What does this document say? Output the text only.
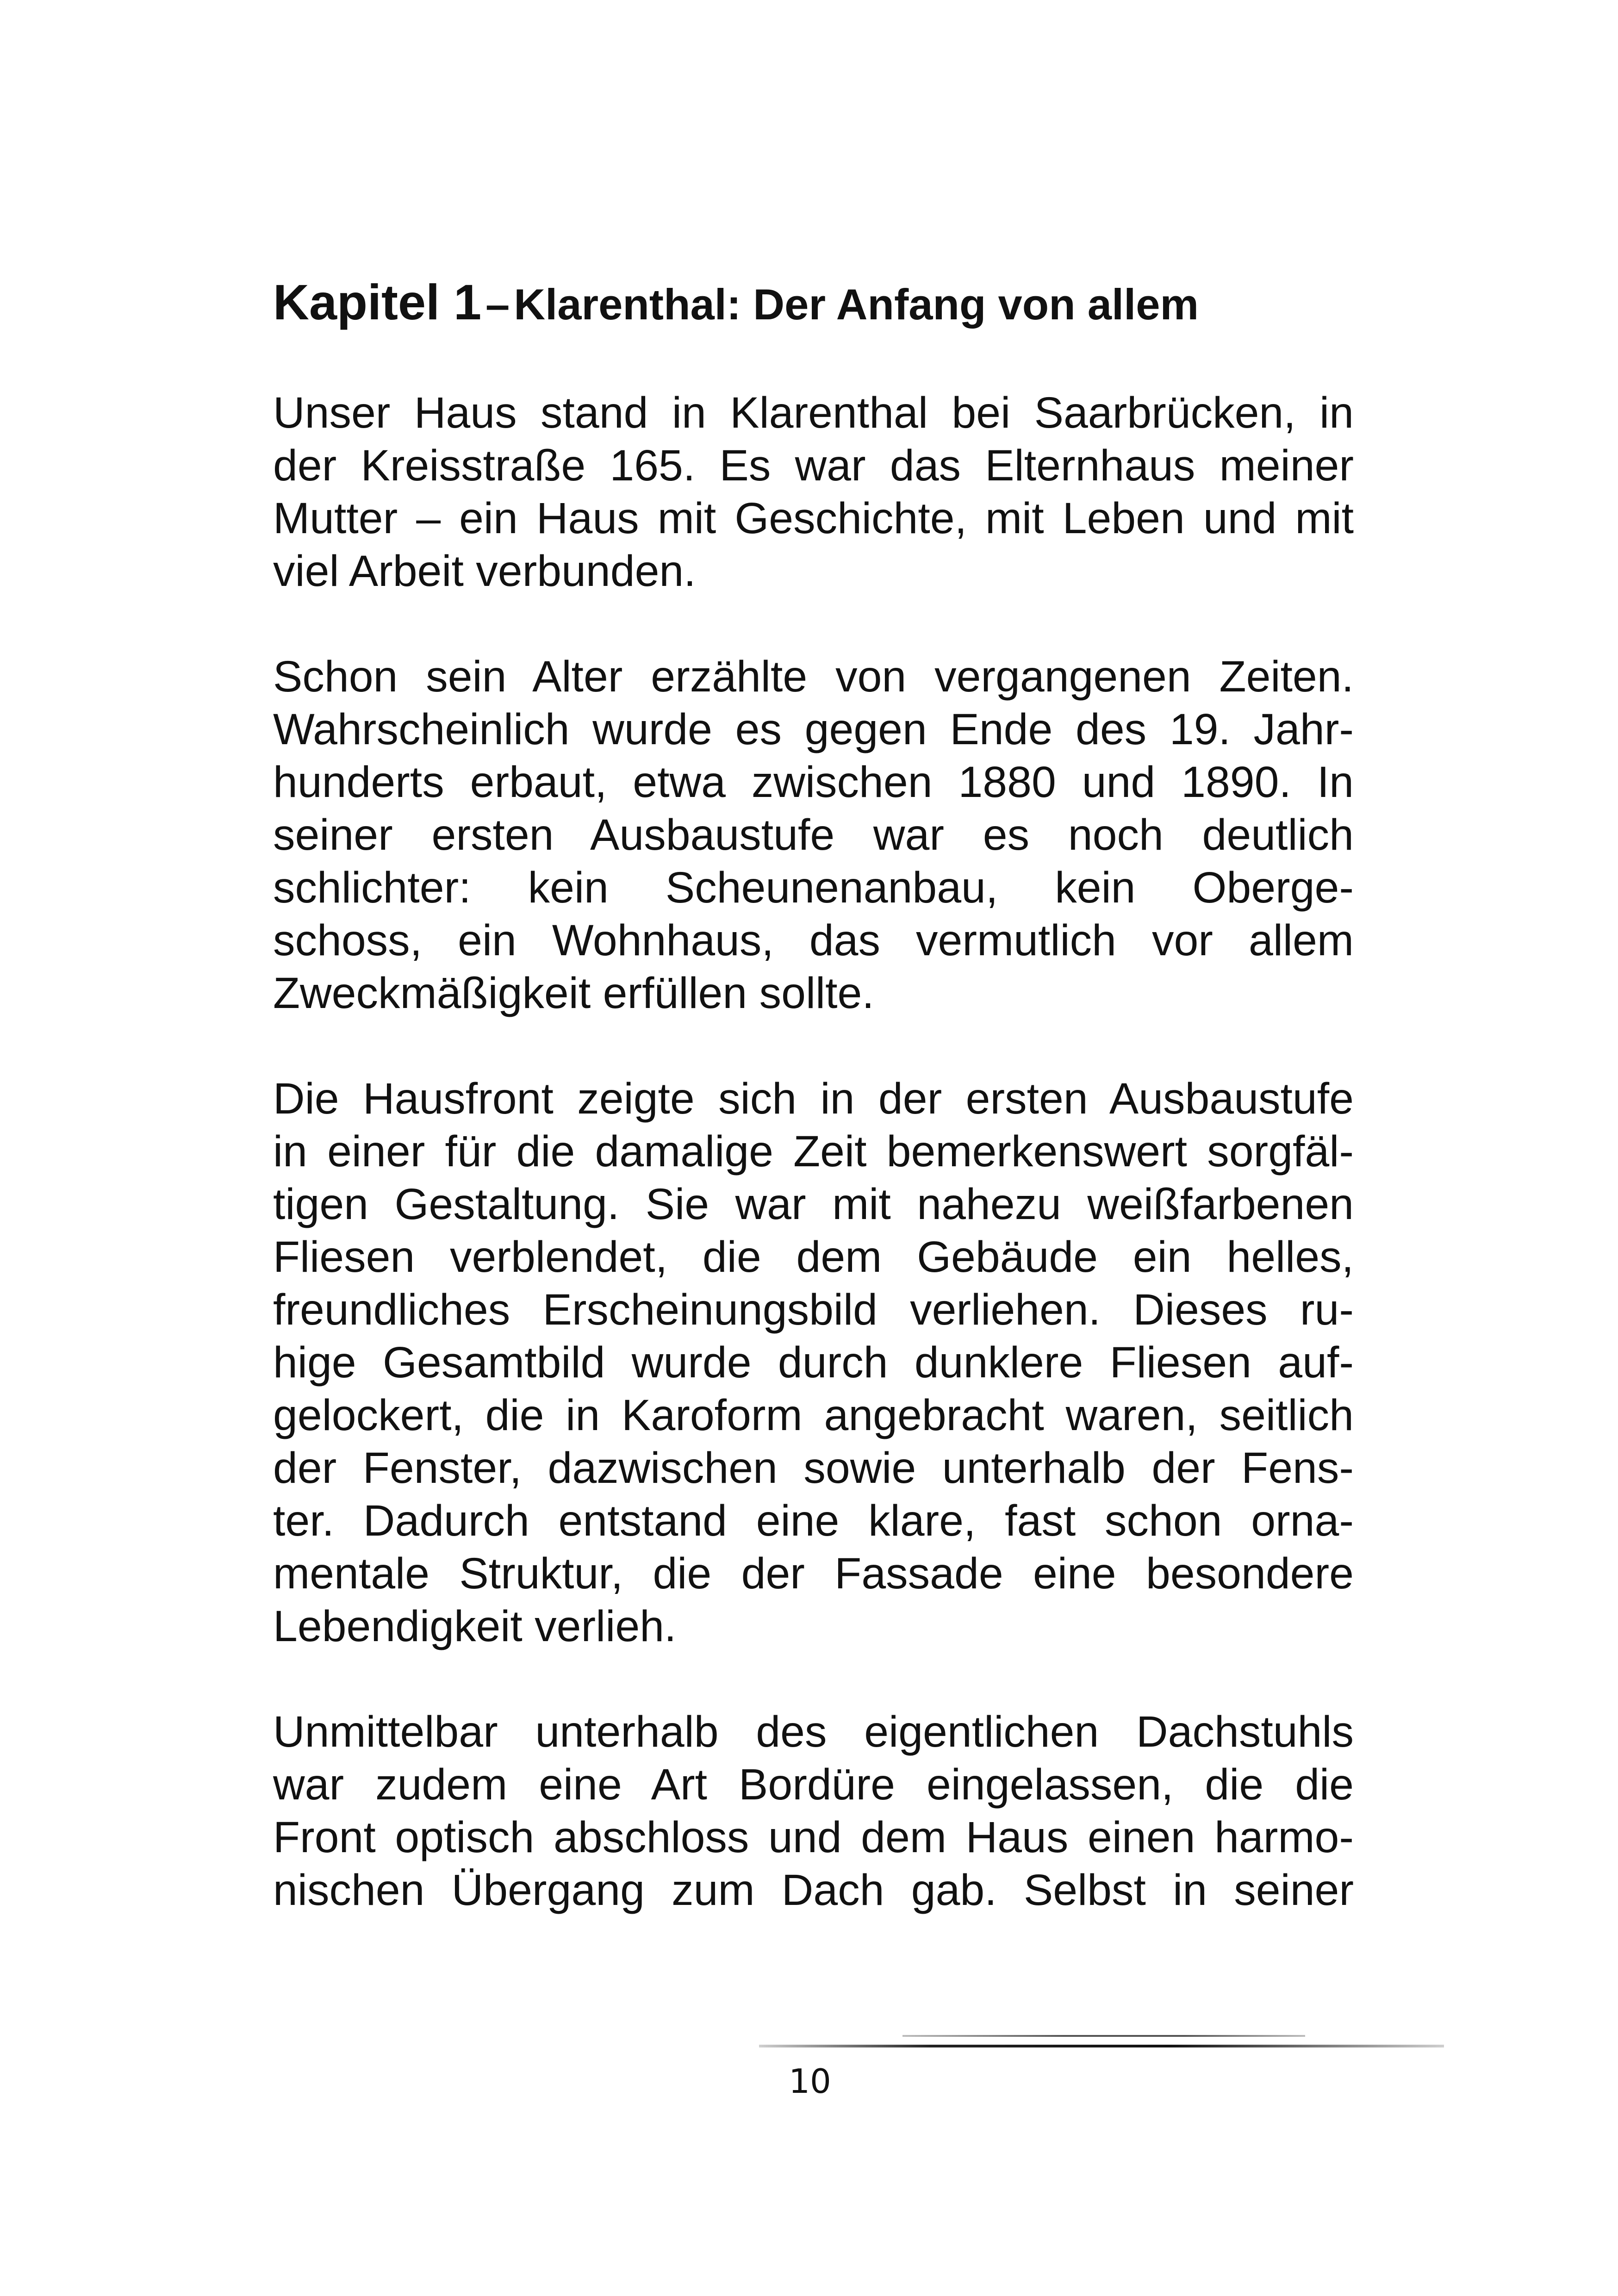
Kapitel 1 – Klarenthal: Der Anfang von allem
Unser Haus stand in Klarenthal bei Saarbrücken, in
der Kreisstraße 165. Es war das Elternhaus meiner
Mutter – ein Haus mit Geschichte, mit Leben und mit
viel Arbeit verbunden.
Schon sein Alter erzählte von vergangenen Zeiten.
Wahrscheinlich wurde es gegen Ende des 19. Jahr-
hunderts erbaut, etwa zwischen 1880 und 1890. In
seiner ersten Ausbaustufe war es noch deutlich
schlichter: kein Scheunenanbau, kein Oberge-
schoss, ein Wohnhaus, das vermutlich vor allem
Zweckmäßigkeit erfüllen sollte.
Die Hausfront zeigte sich in der ersten Ausbaustufe
in einer für die damalige Zeit bemerkenswert sorgfäl-
tigen Gestaltung. Sie war mit nahezu weißfarbenen
Fliesen verblendet, die dem Gebäude ein helles,
freundliches Erscheinungsbild verliehen. Dieses ru-
hige Gesamtbild wurde durch dunklere Fliesen auf-
gelockert, die in Karoform angebracht waren, seitlich
der Fenster, dazwischen sowie unterhalb der Fens-
ter. Dadurch entstand eine klare, fast schon orna-
mentale Struktur, die der Fassade eine besondere
Lebendigkeit verlieh.
Unmittelbar unterhalb des eigentlichen Dachstuhls
war zudem eine Art Bordüre eingelassen, die die
Front optisch abschloss und dem Haus einen harmo-
nischen Übergang zum Dach gab. Selbst in seiner
10
